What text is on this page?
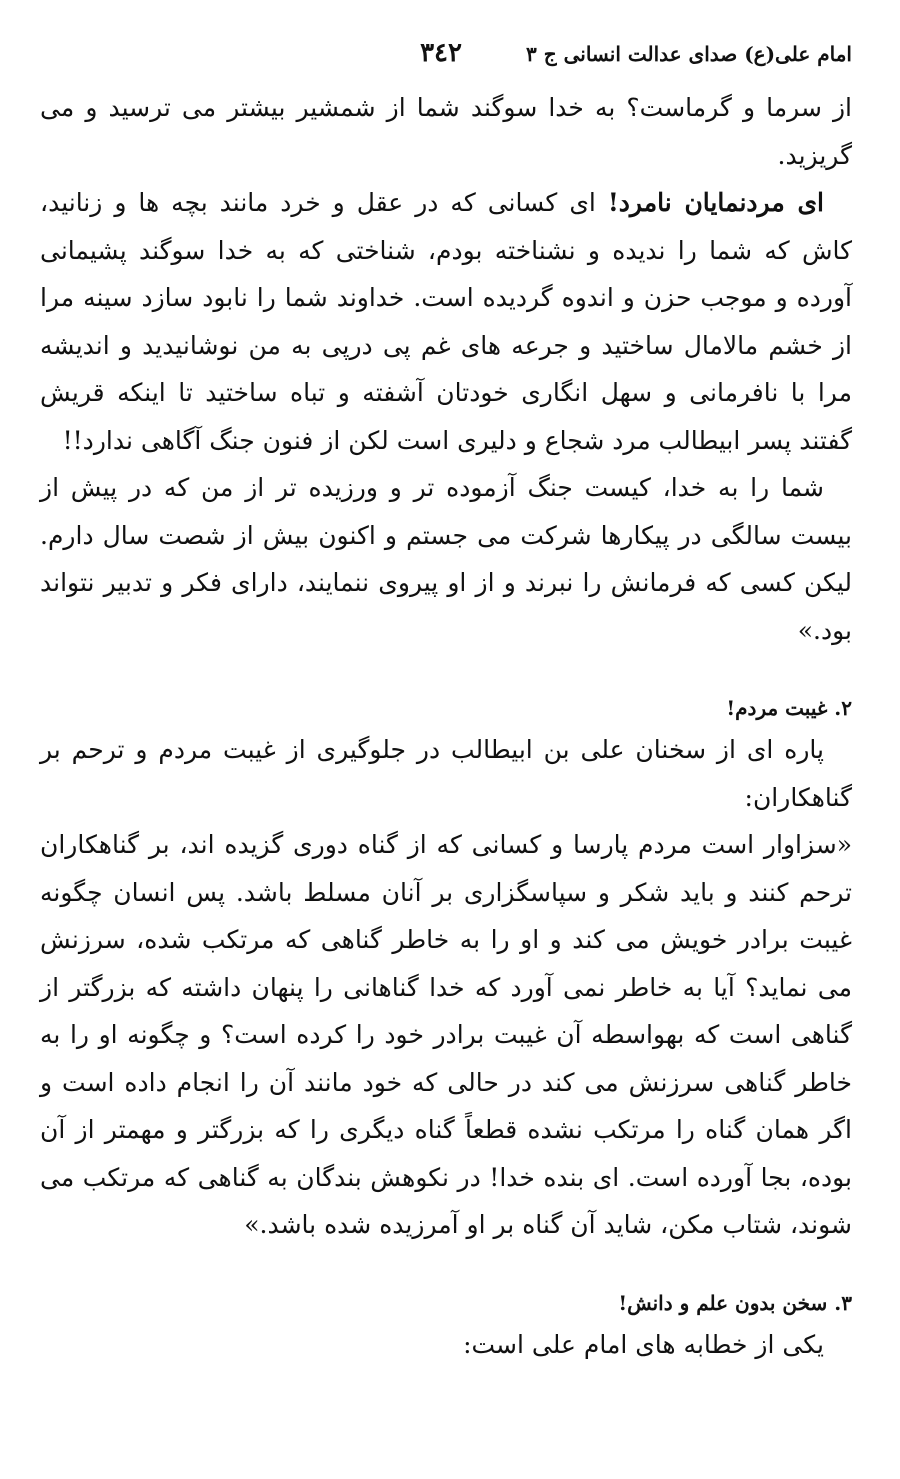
امام علی(ع) صدای عدالت انسانی ج ۳
۳٤۲

از سرما و گرماست؟ به خدا سوگند شما از شمشیر بیشتر می ترسید و می گریزید.

ای مردنمایان نامرد! ای کسانی که در عقل و خرد مانند بچه ها و زنانید، کاش که شما را ندیده و نشناخته بودم، شناختی که به خدا سوگند پشیمانی آورده و موجب حزن و اندوه گردیده است. خداوند شما را نابود سازد سینه مرا از خشم مالامال ساختید و جرعه های غم پی درپی به من نوشانیدید و اندیشه مرا با نافرمانی و سهل انگاری خودتان آشفته و تباه ساختید تا اینکه قریش گفتند پسر ابیطالب مرد شجاع و دلیری است لکن از فنون جنگ آگاهی ندارد!!

شما را به خدا، کیست جنگ آزموده تر و ورزیده تر از من که در پیش از بیست سالگی در پیکارها شرکت می جستم و اکنون بیش از شصت سال دارم. لیکن کسی که فرمانش را نبرند و از او پیروی ننمایند، دارای فکر و تدبیر نتواند بود.»

۲. غیبت مردم!

پاره ای از سخنان علی بن ابیطالب در جلوگیری از غیبت مردم و ترحم بر گناهکاران:

«سزاوار است مردم پارسا و کسانی که از گناه دوری گزیده اند، بر گناهکاران ترحم کنند و باید شکر و سپاسگزاری بر آنان مسلط باشد. پس انسان چگونه غیبت برادر خویش می کند و او را به خاطر گناهی که مرتکب شده، سرزنش می نماید؟ آیا به خاطر نمی آورد که خدا گناهانی را پنهان داشته که بزرگتر از گناهی است که بهواسطه آن غیبت برادر خود را کرده است؟ و چگونه او را به خاطر گناهی سرزنش می کند در حالی که خود مانند آن را انجام داده است و اگر همان گناه را مرتکب نشده قطعاً گناه دیگری را که بزرگتر و مهمتر از آن بوده، بجا آورده است. ای بنده خدا! در نکوهش بندگان به گناهی که مرتکب می شوند، شتاب مکن، شاید آن گناه بر او آمرزیده شده باشد.»

۳. سخن بدون علم و دانش!

یکی از خطابه های امام علی است:
